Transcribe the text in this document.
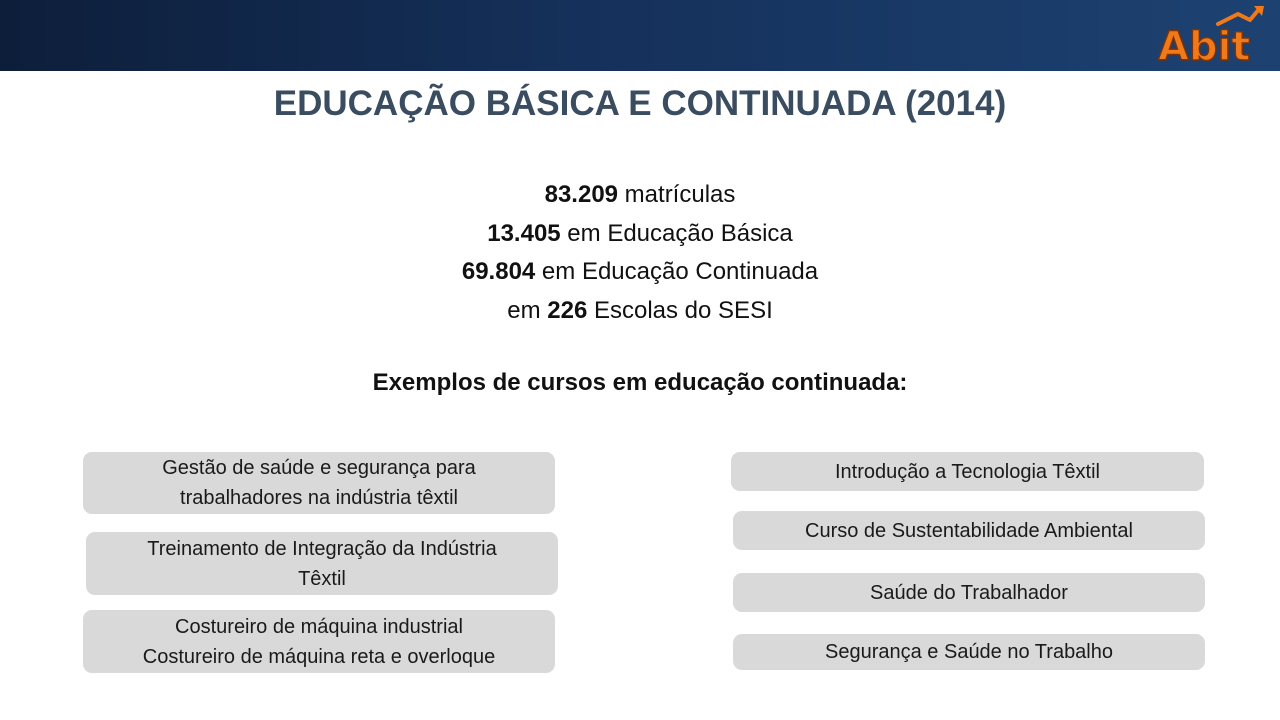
Abit
EDUCAÇÃO BÁSICA E CONTINUADA (2014)
83.209 matrículas
13.405 em Educação Básica
69.804 em Educação Continuada
em 226 Escolas do SESI
Exemplos de cursos em educação continuada:
Gestão de saúde e segurança para
trabalhadores na indústria têxtil
Treinamento de Integração da Indústria
Têxtil
Costureiro de máquina industrial
Costureiro de máquina reta e overloque
Introdução a Tecnologia Têxtil
Curso de Sustentabilidade Ambiental
Saúde do Trabalhador
Segurança e Saúde no Trabalho
